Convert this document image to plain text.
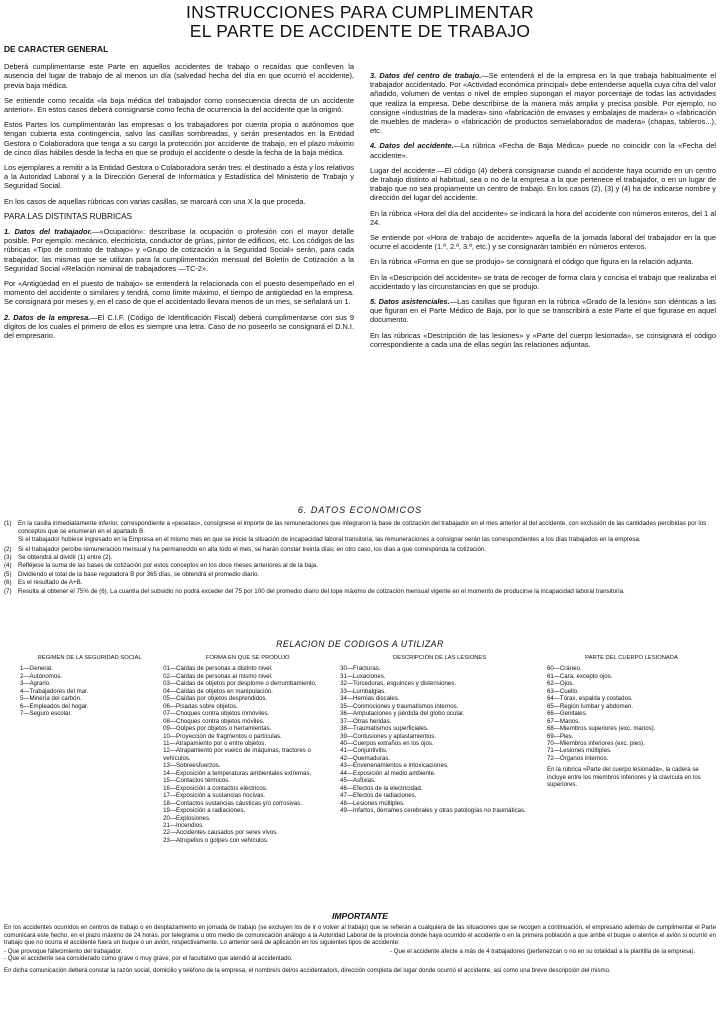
INSTRUCCIONES PARA CUMPLIMENTAR
EL PARTE DE ACCIDENTE DE TRABAJO
DE CARACTER GENERAL
Deberá cumplimentarse este Parte en aquellos accidentes de trabajo o recaídas que conlleven la ausencia del lugar de trabajo de al menos un día (salvedad hecha del día en que ocurrió el accidente), previa baja médica.
Se entiende como recaída «la baja médica del trabajador como consecuencia directa de un accidente anterior». En estos casos deberá consignarse como fecha de ocurrencia la del accidente que la originó.
Estos Partes los cumplimentarán las empresas o los trabajadores por cuenta propia o autónomos que tengan cubierta esta contingencia, salvo las casillas sombreadas, y serán presentados en la Entidad Gestora o Colaboradora que tenga a su cargo la protección por accidente de trabajo, en el plazo máximo de cinco días hábiles desde la fecha en que se produjo el accidente o desde la fecha de la baja médica.
Los ejemplares a remitir a la Entidad Gestora o Colaboradora serán tres: el destinado a ésta y los relativos a la Autoridad Laboral y a la Dirección General de Informática y Estadística del Ministerio de Trabajo y Seguridad Social.
En los casos de aquellas rúbricas con varias casillas, se marcará con una X la que proceda.
PARA LAS DISTINTAS RUBRICAS
1. Datos del trabajador.—«Ocupación»: descríbase la ocupación o profesión con el mayor detalle posible. Por ejemplo: mecánico, electricista, conductor de grúas, pintor de edificios, etc. Los códigos de las rúbricas «Tipo de contrato de trabajo» y «Grupo de cotización a la Seguridad Social» serán, para cada trabajador, las mismas que se utilizan para la cumplimentación mensual del Boletín de Cotización a la Seguridad Social «Relación nominal de trabajadores —TC-2».
Por «Antigüedad en el puesto de trabajo» se entenderá la relacionada con el puesto desempeñado en el momento del accidente o similares y tendrá, como límite máximo, el tiempo de antigüedad en la empresa. Se consignará por meses y, en el caso de que el accidentado llevara menos de un mes, se señalará un 1.
2. Datos de la empresa.—El C.I.F. (Código de Identificación Fiscal) deberá cumplimentarse con sus 9 dígitos de los cuales el primero de ellos es siempre una letra. Caso de no poseerlo se consignará el D.N.I. del empresario.
3. Datos del centro de trabajo.—Se entenderá el de la empresa en la que trabaja habitualmente el trabajador accidentado. Por «Actividad económica principal» debe entenderse aquella cuya cifra del valor añadido, volumen de ventas o nivel de empleo supongan el mayor porcentaje de todas las actividades que realiza la empresa. Debe describirse de la manera más amplia y precisa posible. Por ejemplo, no consigne «industrias de la madera» sino «fabricación de envases y embalajes de madera» o «fabricación de muebles de madera» o «fabricación de productos semielaborados de madera» (chapas, tableros...), etc.
4. Datos del accidente.—La rúbrica «Fecha de Baja Médica» puede no coincidir con la «Fecha del accidente».
Lugar del accidente.—El código (4) deberá consignarse cuando el accidente haya ocurrido en un centro de trabajo distinto al habitual, sea o no de la empresa a la que pertenece el trabajador, o en un lugar de trabajo que no sea propiamente un centro de trabajo. En los casos (2), (3) y (4) ha de indicarse nombre y dirección del lugar del accidente.
En la rúbrica «Hora del día del accidente» se indicará la hora del accidente con números enteros, del 1 al 24.
Se entiende por «Hora de trabajo de accidente» aquella de la jornada laboral del trabajador en la que ocurre el accidente (1.ª, 2.ª, 3.ª, etc.) y se consignarán también en números enteros.
En la rúbrica «Forma en que se produjo» se consignará el código que figura en la relación adjunta.
En la «Descripción del accidente» se trata de recoger de forma clara y concisa el trabajo que realizaba el accidentado y las circunstancias en que se produjo.
5. Datos asistenciales.—Las casillas que figuran en la rúbrica «Grado de la lesión» son idénticas a las que figuran en el Parte Médico de Baja, por lo que se transcribirá a este Parte el que figurase en aquel documento.
En las rúbricas «Descripción de las lesiones» y «Parte del cuerpo lesionada», se consignará el código correspondiente a cada una de ellas según las relaciones adjuntas.
6. DATOS ECONOMICOS
(1)	En la casilla inmediatamente inferior, correspondiente a «pesetas», consígnese el importe de las remuneraciones que integraron la base de cotización del trabajador en el mes anterior al del accidente, con exclusión de las cantidades percibidas por los conceptos que se enumeran en el apartado B.
Si el trabajador hubiese ingresado en la Empresa en el mismo mes en que se inicie la situación de incapacidad laboral transitoria, las remuneraciones a consignar serán las correspondientes a los días trabajados en la empresa.
(2)	Si el trabajador percibe remuneración mensual y ha permanecido en alta todo el mes, se harán constar treinta días; en otro caso, los días a que corresponda la cotización.
(3)	Se obtendrá al dividir (1) entre (2).
(4)	Refléjese la suma de las bases de cotización por estos conceptos en los doce meses anteriores al de la baja.
(5)	Dividiendo el total de la base reguladora B por 365 días, se obtendrá el promedio diario.
(6)	Es el resultado de A+B.
(7)	Resulta al obtener el 75% de (6). La cuantía del subsidio no podrá exceder del 75 por 100 del promedio diario del tope máximo de cotización mensual vigente en el momento de producirse la incapacidad laboral transitoria.
RELACION DE CODIGOS A UTILIZAR
RÉGIMEN DE LA SEGURIDAD SOCIAL
1—General.
2—Autónomos.
3—Agrario.
4—Trabajadores del mar.
5—Minería del carbón.
6—Empleados del hogar.
7—Seguro escolar.
FORMA EN QUE SE PRODUJO
01—Caídas de personas a distinto nivel.
02—Caídas de personas al mismo nivel.
03—Caídas de objetos por desplome o derrumbamiento.
04—Caídas de objetos en manipulación.
05—Caídas por objetos desprendidos.
06—Pisadas sobre objetos.
07—Choques contra objetos inmóviles.
08—Choques contra objetos móviles.
09—Golpes por objetos o herramientas.
10—Proyección de fragmentos o partículas.
11—Atrapamiento por o entre objetos.
12—Atrapamiento por vuelco de máquinas, tractores o vehículos.
13—Sobreesfuerzos.
14—Exposición a temperaturas ambientales extremas.
15—Contactos térmicos.
16—Exposición a contactos eléctricos.
17—Exposición a sustancias nocivas.
18—Contactos sustancias cáusticas y/o corrosivas.
19—Exposición a radiaciones.
20—Explosiones.
21—Incendios.
22—Accidentes causados por seres vivos.
23—Atropellos o golpes con vehículos.
DESCRIPCIÓN DE LAS LESIONES
30—Fracturas.
31—Luxaciones.
32—Torceduras, esguinces y distensiones.
33—Lumbalgias.
34—Hernias discales.
35—Conmociones y traumatismos internos.
36—Amputaciones y pérdida del globo ocular.
37—Otras heridas.
38—Traumatismos superficiales.
39—Contusiones y aplastamientos.
40—Cuerpos extraños en los ojos.
41—Conjuntivitis.
42—Quemaduras.
43—Envenenamientos e intoxicaciones.
44—Exposición al medio ambiente.
45—Asfixias.
46—Efectos de la electricidad.
47—Efectos de radiaciones.
48—Lesiones múltiples.
49—Infartos, derrames cerebrales y otras patologías no traumáticas.
PARTE DEL CUERPO LESIONADA
60—Cráneo.
61—Cara, excepto ojos.
62—Ojos.
63—Cuello.
64—Tórax, espalda y costados.
65—Región lumbar y abdomen.
66—Genitales.
67—Manos.
68—Miembros superiores (exc. manos).
69—Pies.
70—Miembros inferiores (exc. pies).
71—Lesiones múltiples.
72—Órganos internos.
En la rúbrica «Parte del cuerpo lesionada», la cadera se incluye entre los miembros inferiores y la clavícula en los superiores.
IMPORTANTE
En los accidentes ocurridos en centros de trabajo o en desplazamiento en jornada de trabajo (se excluyen los de ir o volver al trabajo) que se refieran a cualquiera de las situaciones que se recogen a continuación, el empresario además de cumplimentar el Parte comunicará este hecho, en el plazo máximo de 24 horas, por telegrama u otro medio de comunicación análogo a la Autoridad Laboral de la provincia donde haya ocurrido el accidente o en la primera población a que arribe el buque o aterrice el avión si ocurrió en trabajo que no ocurra el accidente fuera un buque o un avión, respectivamente. Lo anterior será de aplicación en los siguientes tipos de accidente:
- Que provoque fallecimiento del trabajador.
- Que el accidente sea considerado como grave o muy grave, por el facultativo que atendió al accidentado.
- Que el accidente afecte a más de 4 trabajadores (pertenezcan o no en su totalidad a la plantilla de la empresa).
En dicha comunicación deberá constar la razón social, domicilio y teléfono de la empresa, el nombre/s del/os accidentado/s, dirección completa del lugar donde ocurrió el accidente, así como una breve descripción del mismo.
